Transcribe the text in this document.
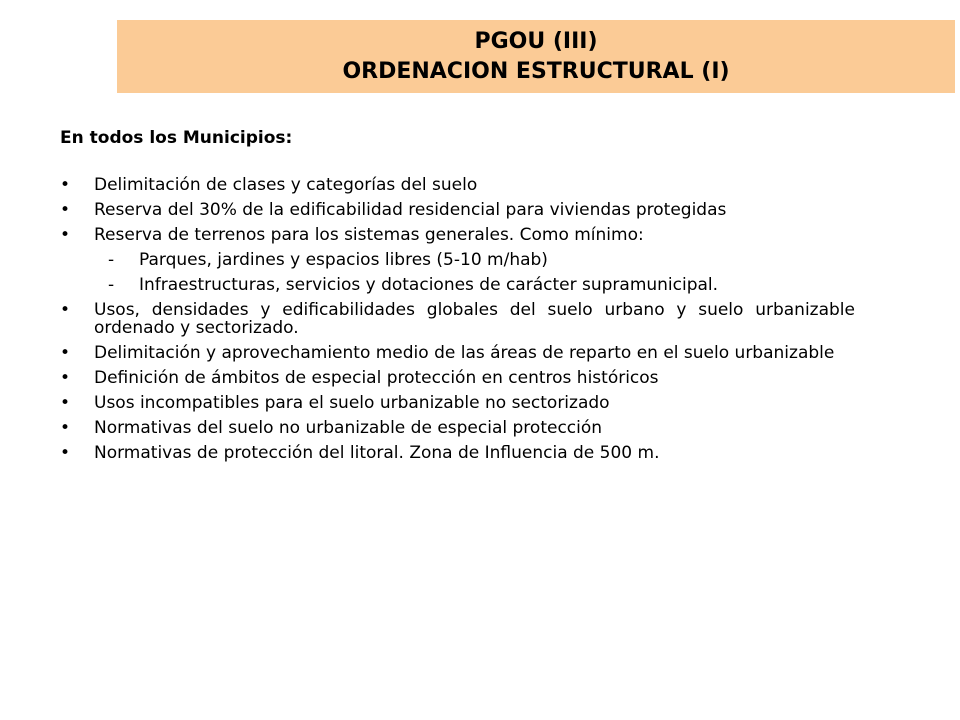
PGOU (III)
ORDENACION ESTRUCTURAL (I)
En todos los Municipios:
• Delimitación de clases y categorías del suelo
• Reserva del 30% de la edificabilidad residencial para viviendas protegidas
• Reserva de terrenos para los sistemas generales. Como mínimo:
- Parques, jardines y espacios libres (5-10 m/hab)
- Infraestructuras, servicios y dotaciones de carácter supramunicipal.
• Usos, densidades y edificabilidades globales del suelo urbano y suelo urbanizable ordenado y sectorizado.
• Delimitación y aprovechamiento medio de las áreas de reparto en el suelo urbanizable
• Definición de ámbitos de especial protección en centros históricos
• Usos incompatibles para el suelo urbanizable no sectorizado
• Normativas del suelo no urbanizable de especial protección
• Normativas de protección del litoral. Zona de Influencia de 500 m.
